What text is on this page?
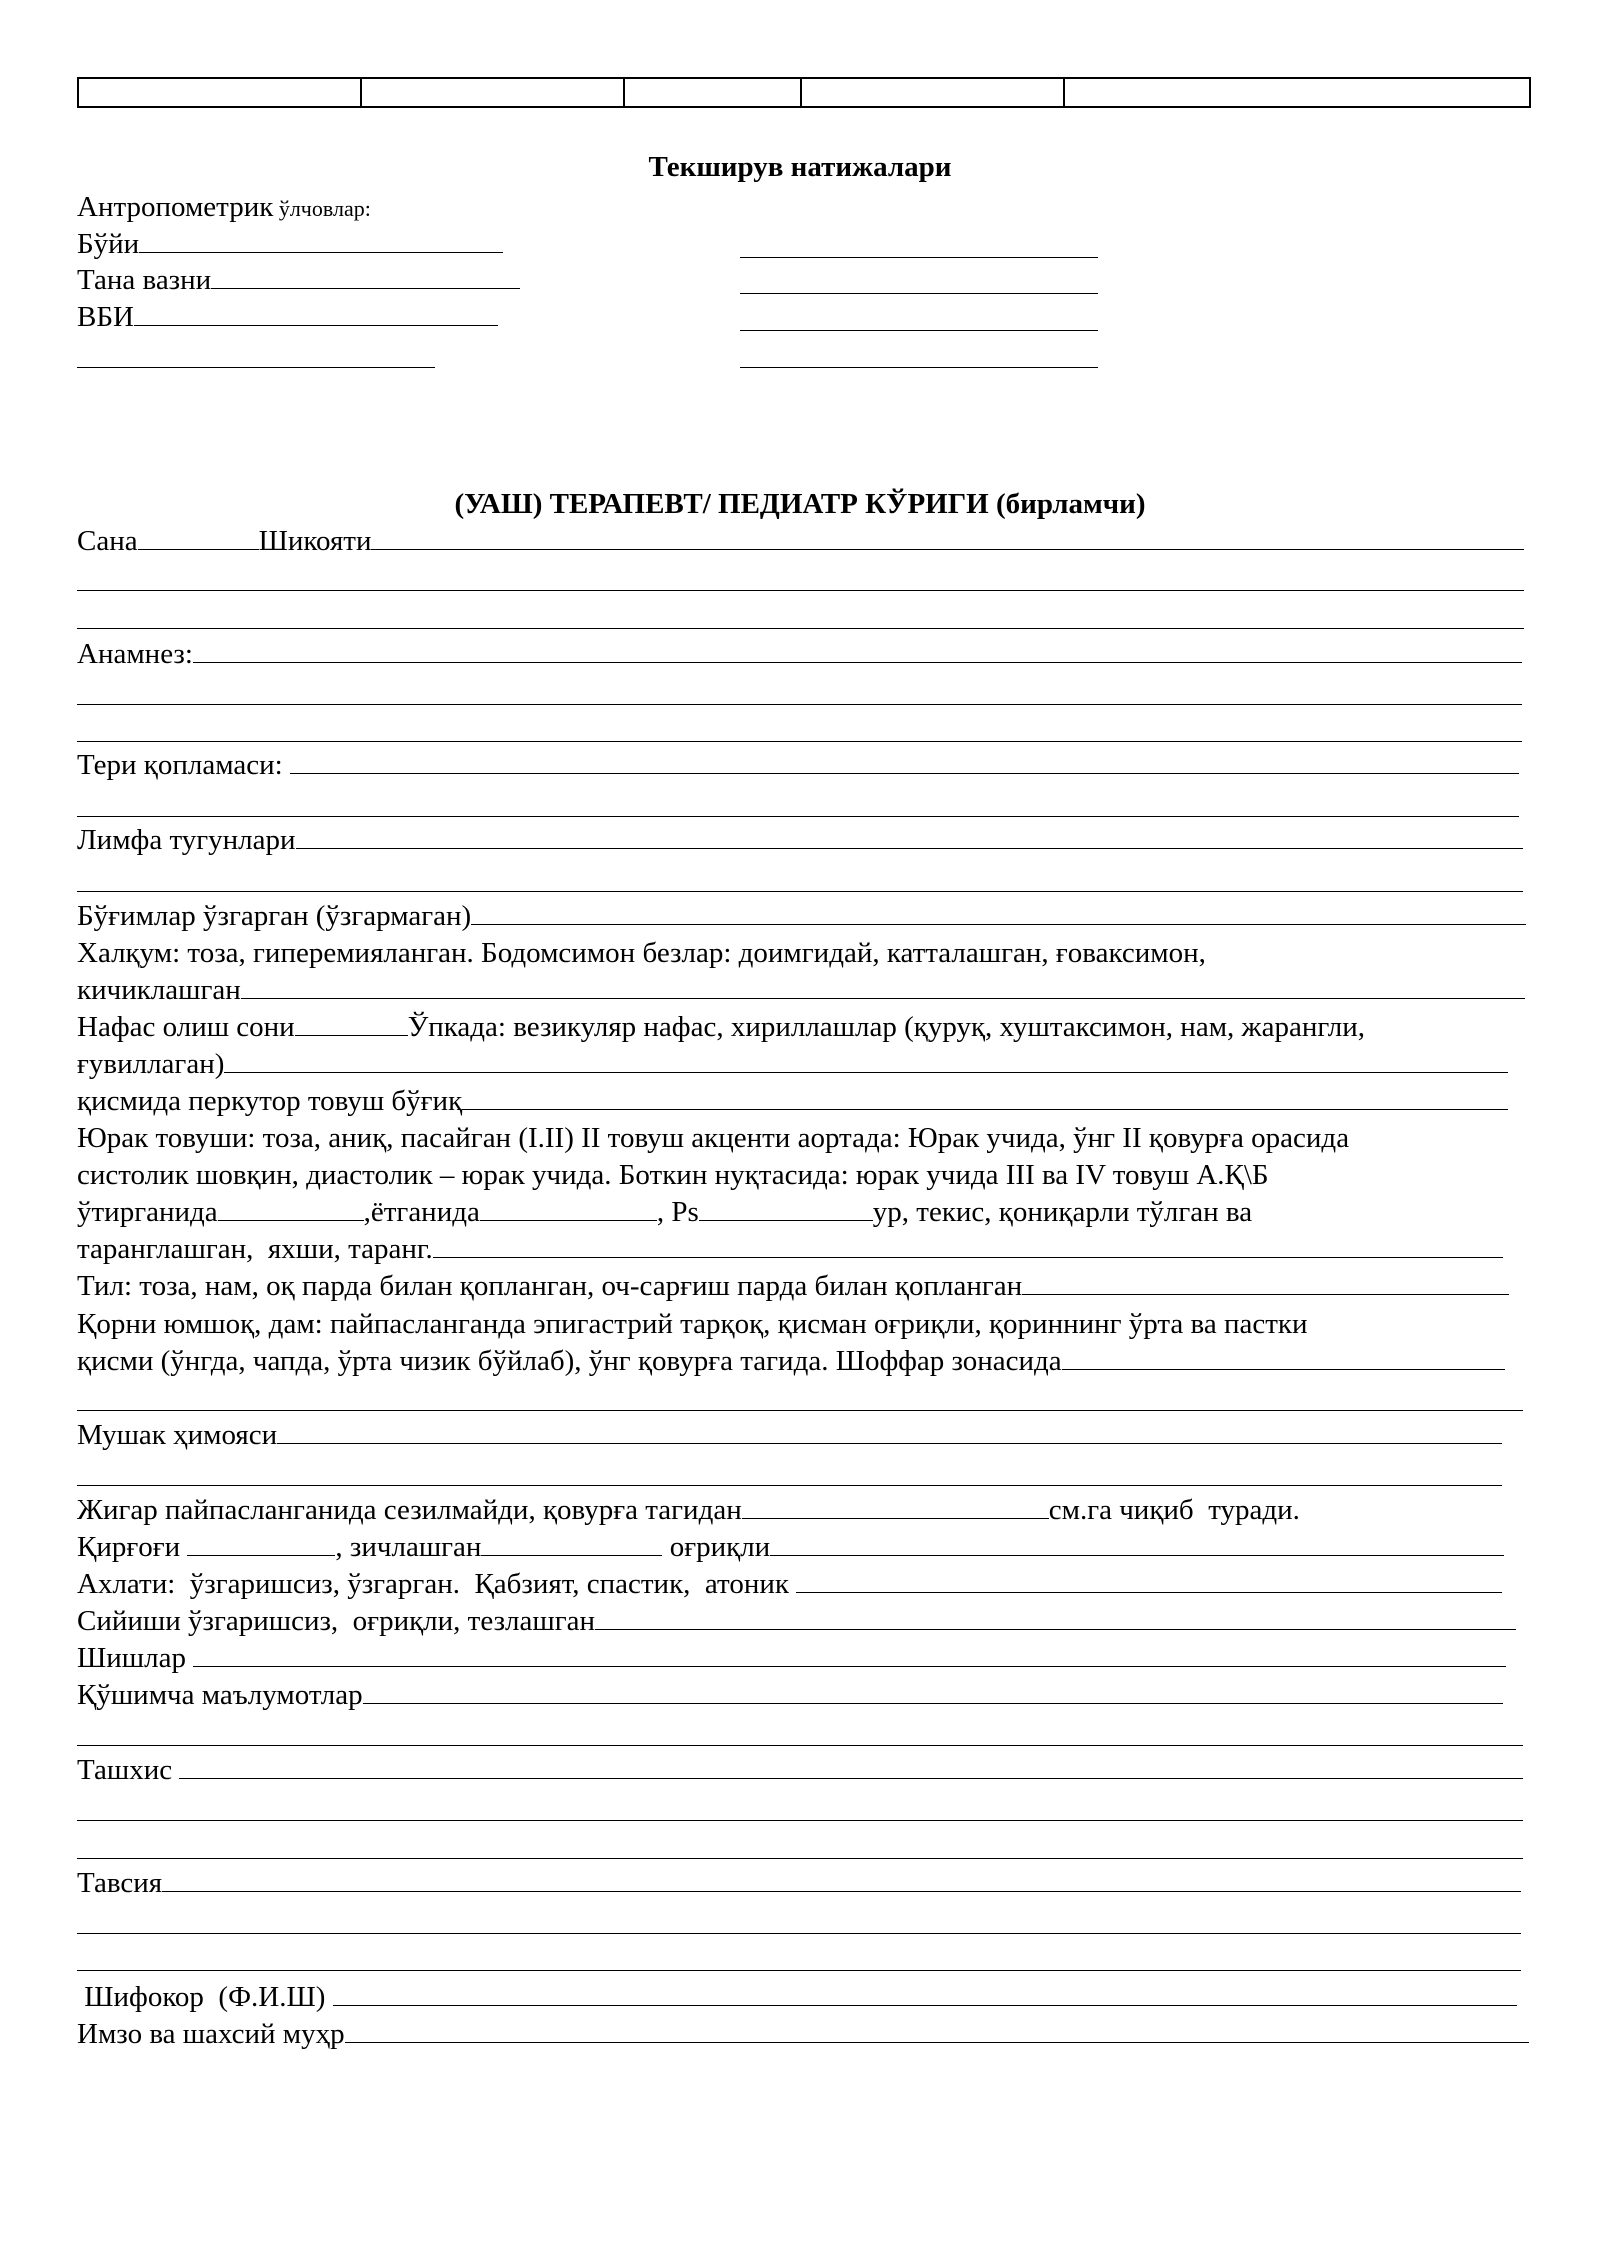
Текширув натижалари
Антропометрик ўлчовлар:
Бўйи
Тана вазни
ВБИ
(УАШ) ТЕРАПЕВТ/ ПЕДИАТР КЎРИГИ (бирламчи)
Сана	Шикояти
Анамнез:
Тери қопламаси:
Лимфа тугунлари
Бўғимлар ўзгарган (ўзгармаган)
Халқум: тоза, гиперемияланган. Бодомсимон безлар: доимгидай, катталашган, ғоваксимон,
кичиклашган
Нафас олиш сони	Ўпкада: везикуляр нафас, хириллашлар (қуруқ, хуштаксимон, нам, жарангли,
ғувиллаган)
қисмида перкутор товуш бўғиқ
Юрак товуши: тоза, аниқ, пасайган (I.II) II товуш акценти аортада: Юрак учида, ўнг II қовурға орасида
систолик шовқин, диастолик – юрак учида. Боткин нуқтасида: юрак учида III ва IV товуш А.Қ\Б
ўтирганида	,ётганида	, Ps	ур, текис, қониқарли тўлган ва
таранглашган,  яхши, таранг.
Тил: тоза, нам, оқ парда билан қопланган, оч-сарғиш парда билан қопланган
Қорни юмшоқ, дам: пайпасланганда эпигастрий тарқоқ, қисман оғриқли, қориннинг ўрта ва пастки
қисми (ўнгда, чапда, ўрта чизик бўйлаб), ўнг қовурға тагида. Шоффар зонасида
Мушак ҳимояси
Жигар пайпасланганида сезилмайди, қовурға тагидан	см.га чиқиб  туради.
Қирғоғи	, зичлашган	оғриқли
Ахлати:  ўзгаришсиз, ўзгарган.  Қабзият, спастик,  атоник
Сийиши ўзгаришсиз,  оғриқли, тезлашган
Шишлар
Қўшимча маълумотлар
Ташхис
Тавсия
Шифокор  (Ф.И.Ш)
Имзо ва шахсий муҳр
